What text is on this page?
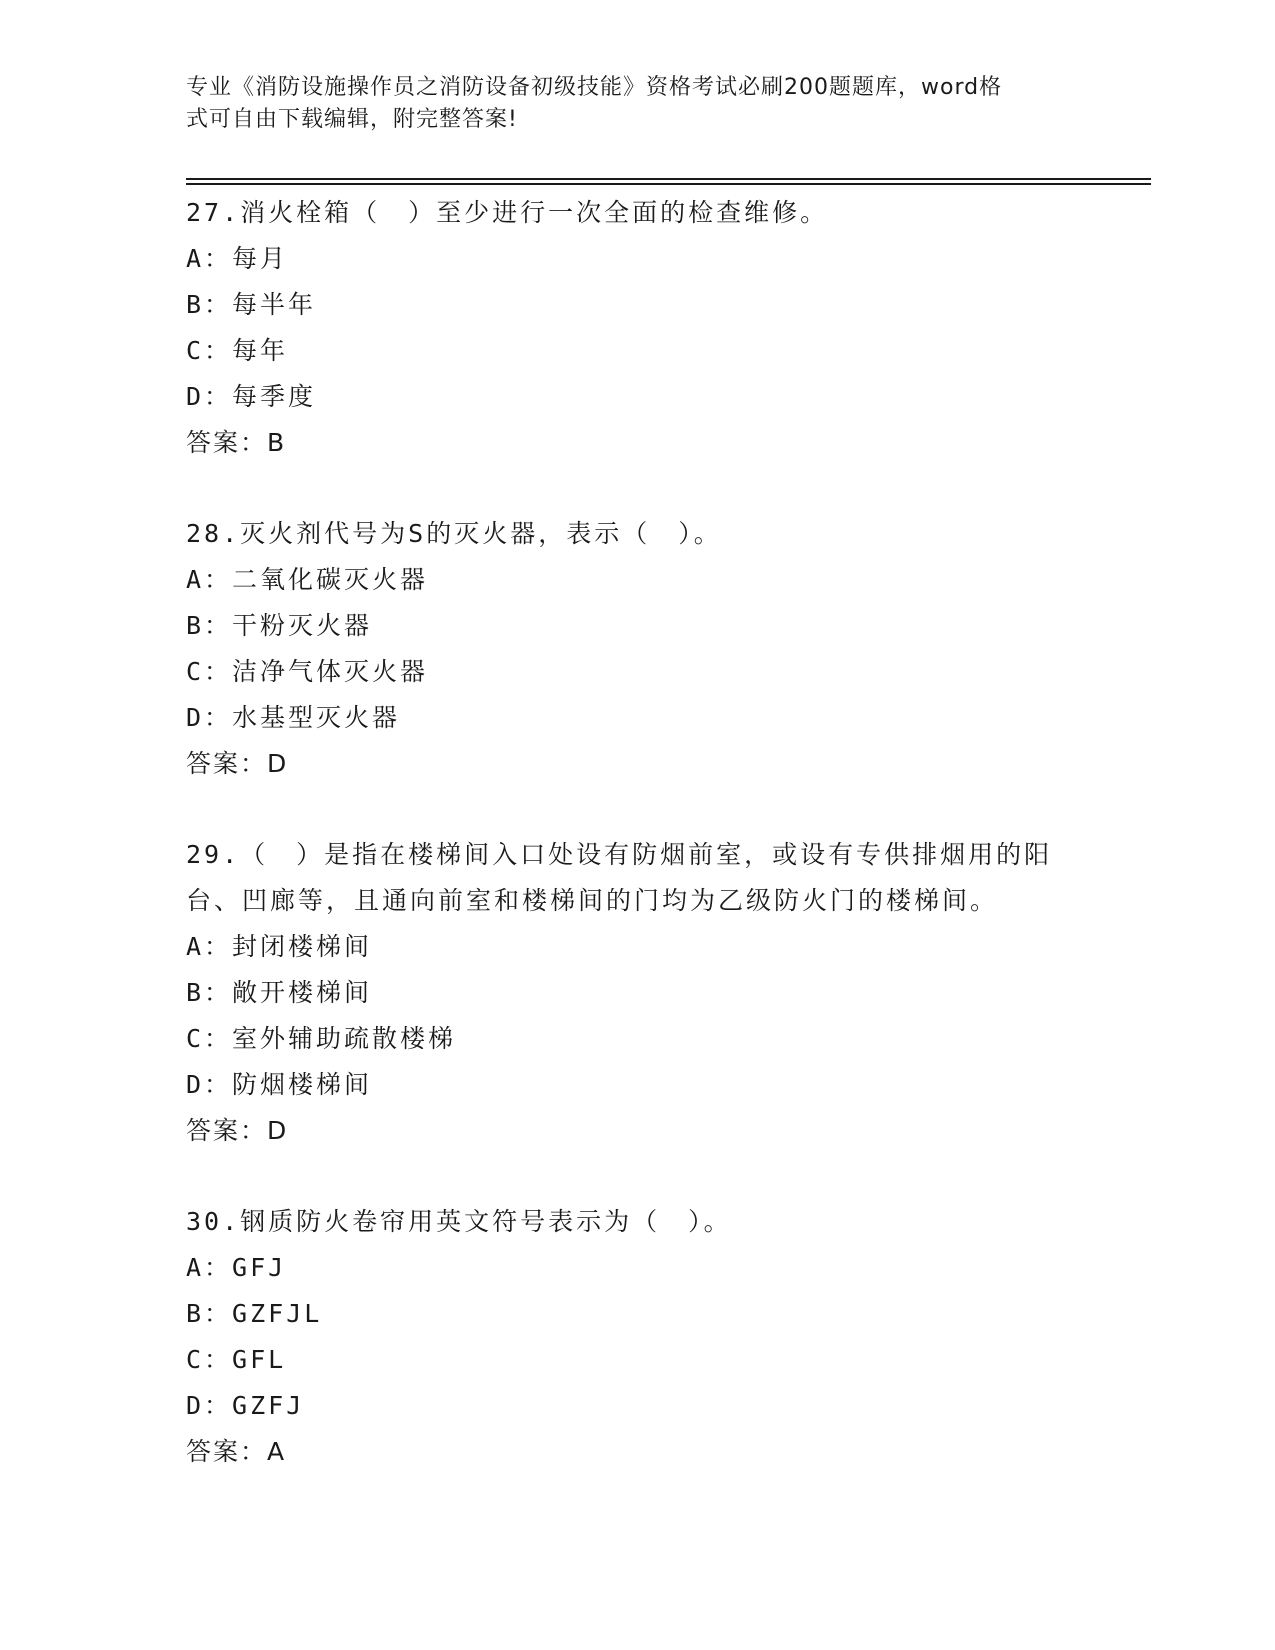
专业《消防设施操作员之消防设备初级技能》资格考试必刷200题题库，word格
式可自由下载编辑，附完整答案!

27.消火栓箱（　）至少进行一次全面的检查维修。

A：每月

B：每半年

C：每年

D：每季度

答案：B

28.灭火剂代号为S的灭火器，表示（　）。

A：二氧化碳灭火器

B：干粉灭火器

C：洁净气体灭火器

D：水基型灭火器

答案：D

29.（　）是指在楼梯间入口处设有防烟前室，或设有专供排烟用的阳

台、凹廊等，且通向前室和楼梯间的门均为乙级防火门的楼梯间。

A：封闭楼梯间

B：敞开楼梯间

C：室外辅助疏散楼梯

D：防烟楼梯间

答案：D

30.钢质防火卷帘用英文符号表示为（　）。

A：GFJ

B：GZFJL

C：GFL

D：GZFJ

答案：A
